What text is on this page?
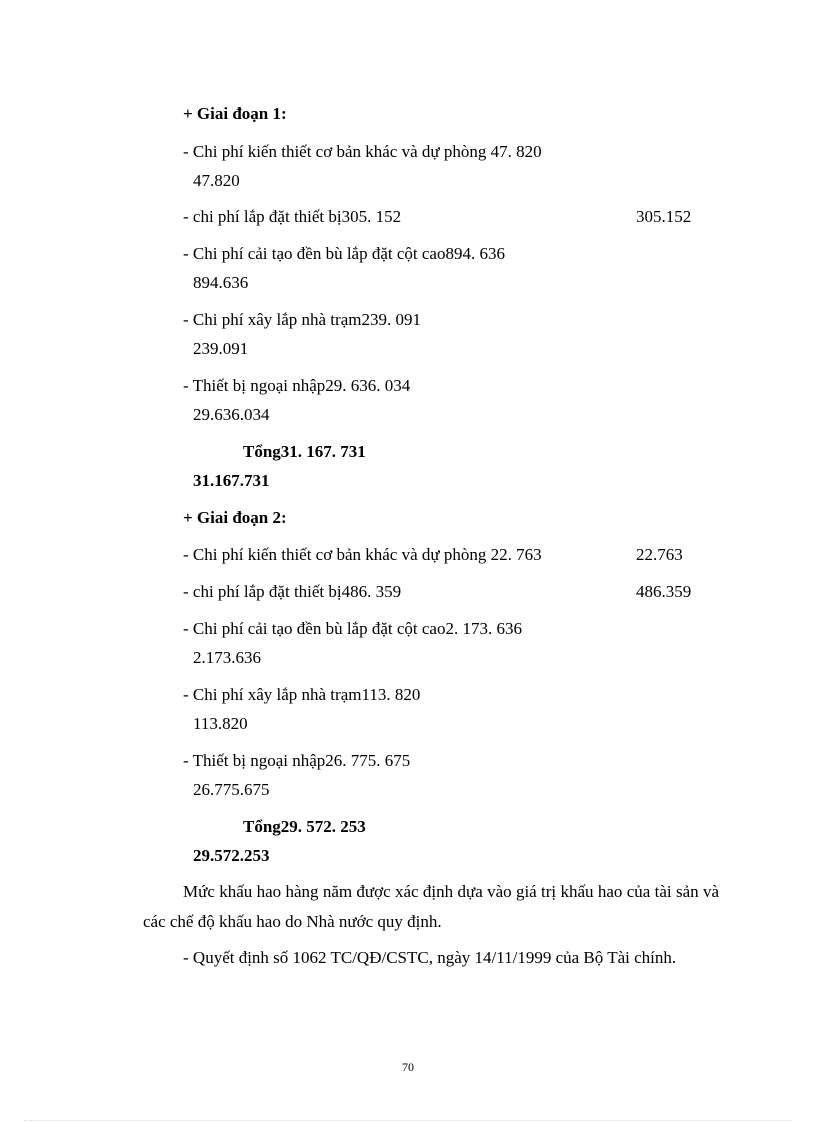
+ Giai đoạn 1:
- Chi phí kiến thiết cơ bản khác và dự phòng 47. 820
47.820
- chi phí lắp đặt thiết bị305. 152	305.152
- Chi phí cải tạo đền bù lắp đặt cột cao894. 636
894.636
- Chi phí xây lắp nhà trạm239. 091
239.091
- Thiết bị ngoại nhập29. 636. 034
29.636.034
Tổng31. 167. 731
31.167.731
+ Giai đoạn 2:
- Chi phí kiến thiết cơ bản khác và dự phòng 22. 763	22.763
- chi phí lắp đặt thiết bị486. 359	486.359
- Chi phí cải tạo đền bù lắp đặt cột cao2. 173. 636
2.173.636
- Chi phí xây lắp nhà trạm113. 820
113.820
- Thiết bị ngoại nhập26. 775. 675
26.775.675
Tổng29. 572. 253
29.572.253
Mức khấu hao hàng năm được xác định dựa vào giá trị khấu hao của tài sản và các chế độ khấu hao do Nhà nước quy định.
- Quyết định số 1062 TC/QĐ/CSTC, ngày 14/11/1999 của Bộ Tài chính.
70
